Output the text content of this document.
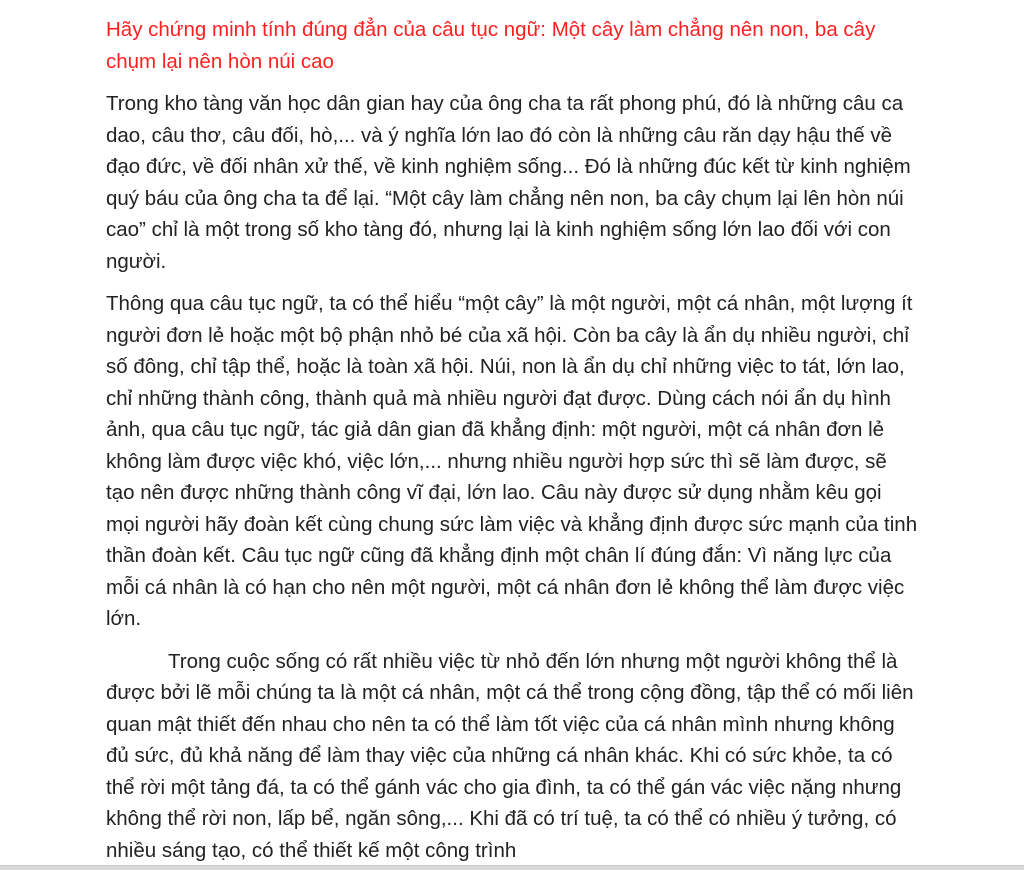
Hãy chứng minh tính đúng đẳn của câu tục ngữ: Một cây làm chẳng nên non, ba cây chụm lại nên hòn núi cao

Trong kho tàng văn học dân gian hay của ông cha ta rất phong phú, đó là những câu ca dao, câu thơ, câu đối, hò,... và ý nghĩa lớn lao đó còn là những câu răn dạy hậu thế về đạo đức, về đối nhân xử thế, về kinh nghiệm sống... Đó là những đúc kết từ kinh nghiệm quý báu của ông cha ta để lại. “Một cây làm chẳng nên non, ba cây chụm lại lên hòn núi cao” chỉ là một trong số kho tàng đó, nhưng lại là kinh nghiệm sống lớn lao đối với con người.

Thông qua câu tục ngữ, ta có thể hiểu “một cây” là một người, một cá nhân, một lượng ít người đơn lẻ hoặc một bộ phận nhỏ bé của xã hội. Còn ba cây là ẩn dụ nhiều người, chỉ số đông, chỉ tập thể, hoặc là toàn xã hội. Núi, non là ẩn dụ chỉ những việc to tát, lớn lao, chỉ những thành công, thành quả mà nhiều người đạt được. Dùng cách nói ẩn dụ hình ảnh, qua câu tục ngữ, tác giả dân gian đã khẳng định: một người, một cá nhân đơn lẻ không làm được việc khó, việc lớn,... nhưng nhiều người hợp sức thì sẽ làm được, sẽ tạo nên được những thành công vĩ đại, lớn lao. Câu này được sử dụng nhằm kêu gọi mọi người hãy đoàn kết cùng chung sức làm việc và khẳng định được sức mạnh của tinh thần đoàn kết. Câu tục ngữ cũng đã khẳng định một chân lí đúng đắn: Vì năng lực của mỗi cá nhân là có hạn cho nên một người, một cá nhân đơn lẻ không thể làm được việc lớn.

Trong cuộc sống có rất nhiều việc từ nhỏ đến lớn nhưng một người không thể là được bởi lẽ mỗi chúng ta là một cá nhân, một cá thể trong cộng đồng, tập thể có mối liên quan mật thiết đến nhau cho nên ta có thể làm tốt việc của cá nhân mình nhưng không đủ sức, đủ khả năng để làm thay việc của những cá nhân khác. Khi có sức khỏe, ta có thể rời một tảng đá, ta có thể gánh vác cho gia đình, ta có thể gán vác việc nặng nhưng không thể rời non, lấp bể, ngăn sông,... Khi đã có trí tuệ, ta có thể có nhiều ý tưởng, có nhiều sáng tạo, có thể thiết kế một công trình
